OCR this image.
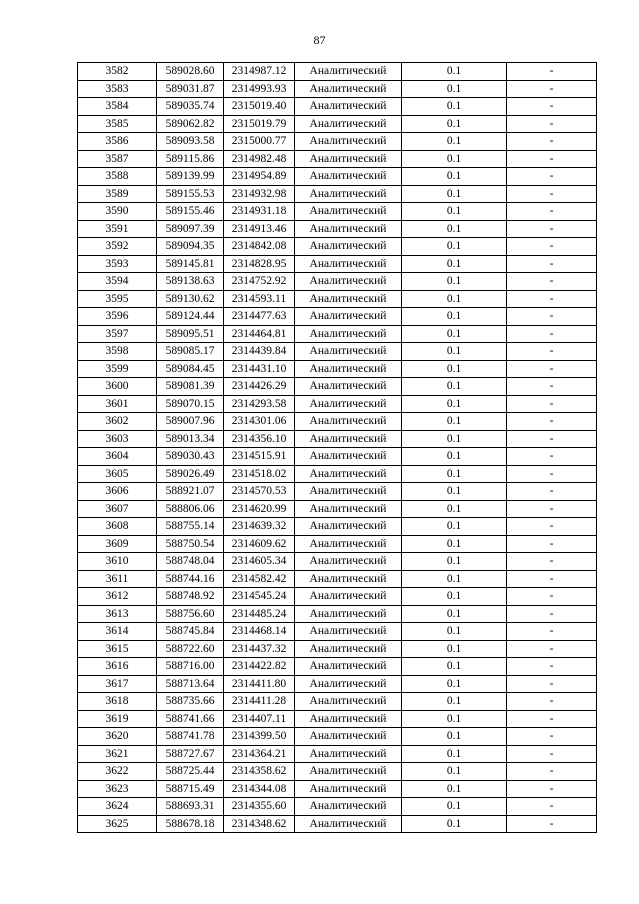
87
3582	589028.60	2314987.12	Аналитический	0.1	-
3583	589031.87	2314993.93	Аналитический	0.1	-
3584	589035.74	2315019.40	Аналитический	0.1	-
3585	589062.82	2315019.79	Аналитический	0.1	-
3586	589093.58	2315000.77	Аналитический	0.1	-
3587	589115.86	2314982.48	Аналитический	0.1	-
3588	589139.99	2314954.89	Аналитический	0.1	-
3589	589155.53	2314932.98	Аналитический	0.1	-
3590	589155.46	2314931.18	Аналитический	0.1	-
3591	589097.39	2314913.46	Аналитический	0.1	-
3592	589094.35	2314842.08	Аналитический	0.1	-
3593	589145.81	2314828.95	Аналитический	0.1	-
3594	589138.63	2314752.92	Аналитический	0.1	-
3595	589130.62	2314593.11	Аналитический	0.1	-
3596	589124.44	2314477.63	Аналитический	0.1	-
3597	589095.51	2314464.81	Аналитический	0.1	-
3598	589085.17	2314439.84	Аналитический	0.1	-
3599	589084.45	2314431.10	Аналитический	0.1	-
3600	589081.39	2314426.29	Аналитический	0.1	-
3601	589070.15	2314293.58	Аналитический	0.1	-
3602	589007.96	2314301.06	Аналитический	0.1	-
3603	589013.34	2314356.10	Аналитический	0.1	-
3604	589030.43	2314515.91	Аналитический	0.1	-
3605	589026.49	2314518.02	Аналитический	0.1	-
3606	588921.07	2314570.53	Аналитический	0.1	-
3607	588806.06	2314620.99	Аналитический	0.1	-
3608	588755.14	2314639.32	Аналитический	0.1	-
3609	588750.54	2314609.62	Аналитический	0.1	-
3610	588748.04	2314605.34	Аналитический	0.1	-
3611	588744.16	2314582.42	Аналитический	0.1	-
3612	588748.92	2314545.24	Аналитический	0.1	-
3613	588756.60	2314485.24	Аналитический	0.1	-
3614	588745.84	2314468.14	Аналитический	0.1	-
3615	588722.60	2314437.32	Аналитический	0.1	-
3616	588716.00	2314422.82	Аналитический	0.1	-
3617	588713.64	2314411.80	Аналитический	0.1	-
3618	588735.66	2314411.28	Аналитический	0.1	-
3619	588741.66	2314407.11	Аналитический	0.1	-
3620	588741.78	2314399.50	Аналитический	0.1	-
3621	588727.67	2314364.21	Аналитический	0.1	-
3622	588725.44	2314358.62	Аналитический	0.1	-
3623	588715.49	2314344.08	Аналитический	0.1	-
3624	588693.31	2314355.60	Аналитический	0.1	-
3625	588678.18	2314348.62	Аналитический	0.1	-
